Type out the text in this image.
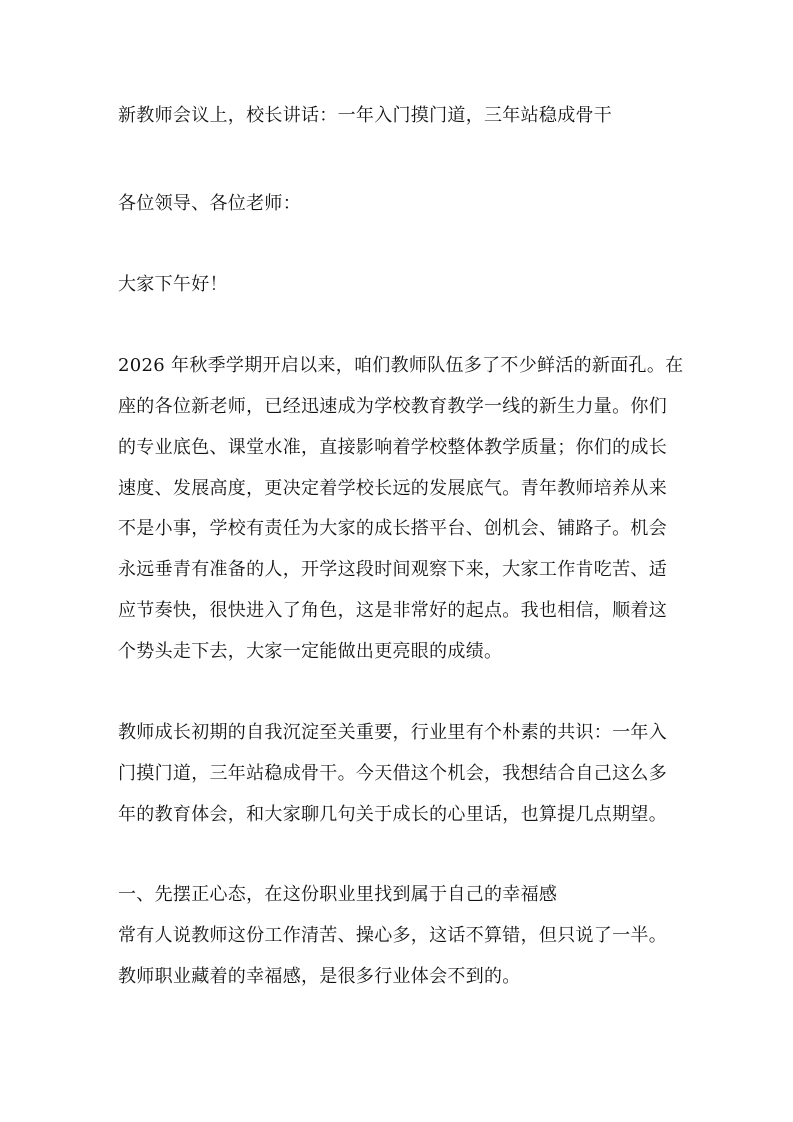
新教师会议上，校长讲话：一年入门摸门道，三年站稳成骨干
各位领导、各位老师：
大家下午好！
2026 年秋季学期开启以来，咱们教师队伍多了不少鲜活的新面孔。在
座的各位新老师，已经迅速成为学校教育教学一线的新生力量。你们
的专业底色、课堂水准，直接影响着学校整体教学质量；你们的成长
速度、发展高度，更决定着学校长远的发展底气。青年教师培养从来
不是小事，学校有责任为大家的成长搭平台、创机会、铺路子。机会
永远垂青有准备的人，开学这段时间观察下来，大家工作肯吃苦、适
应节奏快，很快进入了角色，这是非常好的起点。我也相信，顺着这
个势头走下去，大家一定能做出更亮眼的成绩。
教师成长初期的自我沉淀至关重要，行业里有个朴素的共识：一年入
门摸门道，三年站稳成骨干。今天借这个机会，我想结合自己这么多
年的教育体会，和大家聊几句关于成长的心里话，也算提几点期望。
一、先摆正心态，在这份职业里找到属于自己的幸福感
常有人说教师这份工作清苦、操心多，这话不算错，但只说了一半。
教师职业藏着的幸福感，是很多行业体会不到的。
